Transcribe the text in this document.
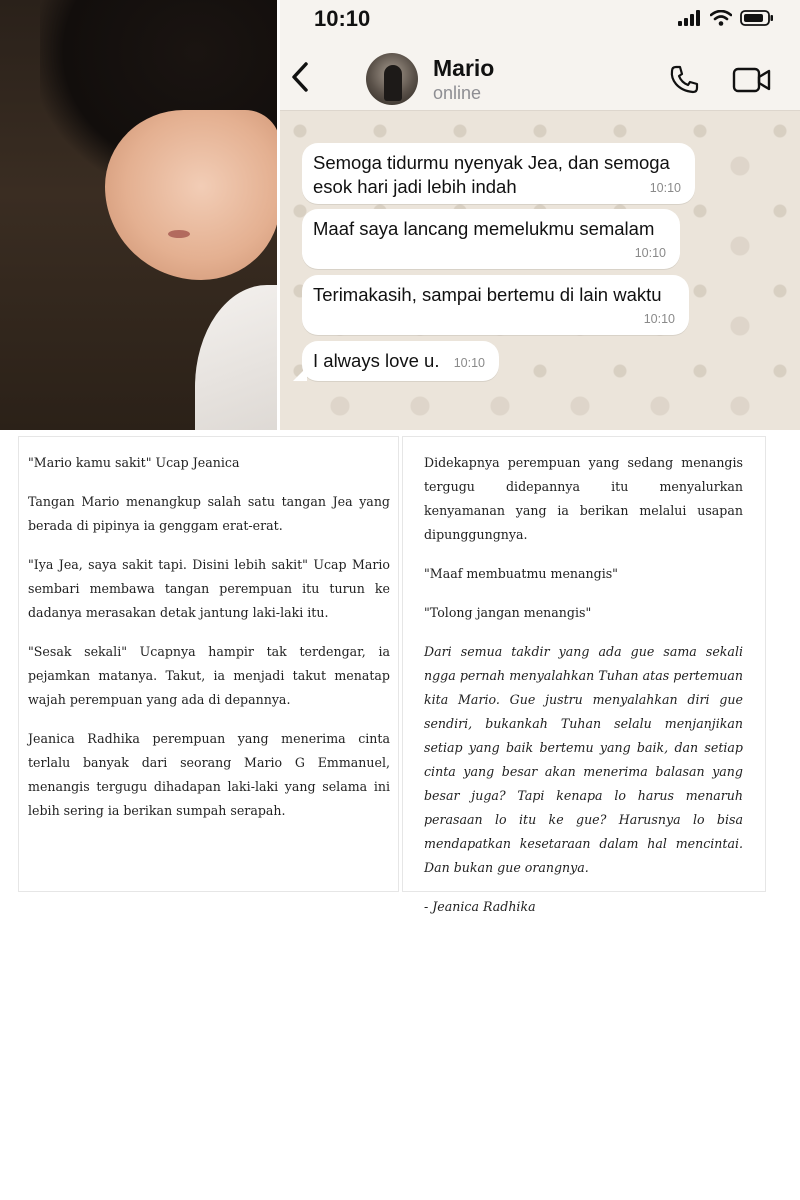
10:10
Mario
online
Semoga tidurmu nyenyak Jea, dan semoga esok hari jadi lebih indah	10:10
Maaf saya lancang memelukmu semalam
10:10
Terimakasih, sampai bertemu di lain waktu
10:10
I always love u. 10:10

"Mario kamu sakit" Ucap Jeanica

Tangan Mario menangkup salah satu tangan Jea yang berada di pipinya ia genggam erat-erat.

"Iya Jea, saya sakit tapi. Disini lebih sakit" Ucap Mario sembari membawa tangan perempuan itu turun ke dadanya merasakan detak jantung laki-laki itu.

"Sesak sekali" Ucapnya hampir tak terdengar, ia pejamkan matanya. Takut, ia menjadi takut menatap wajah perempuan yang ada di depannya.

Jeanica Radhika perempuan yang menerima cinta terlalu banyak dari seorang Mario G Emmanuel, menangis tergugu dihadapan laki-laki yang selama ini lebih sering ia berikan sumpah serapah.

Didekapnya perempuan yang sedang menangis tergugu didepannya itu menyalurkan kenyamanan yang ia berikan melalui usapan dipunggungnya.

"Maaf membuatmu menangis"

"Tolong jangan menangis"

Dari semua takdir yang ada gue sama sekali ngga pernah menyalahkan Tuhan atas pertemuan kita Mario. Gue justru menyalahkan diri gue sendiri, bukankah Tuhan selalu menjanjikan setiap yang baik bertemu yang baik, dan setiap cinta yang besar akan menerima balasan yang besar juga? Tapi kenapa lo harus menaruh perasaan lo itu ke gue? Harusnya lo bisa mendapatkan kesetaraan dalam hal mencintai. Dan bukan gue orangnya.

- Jeanica Radhika
